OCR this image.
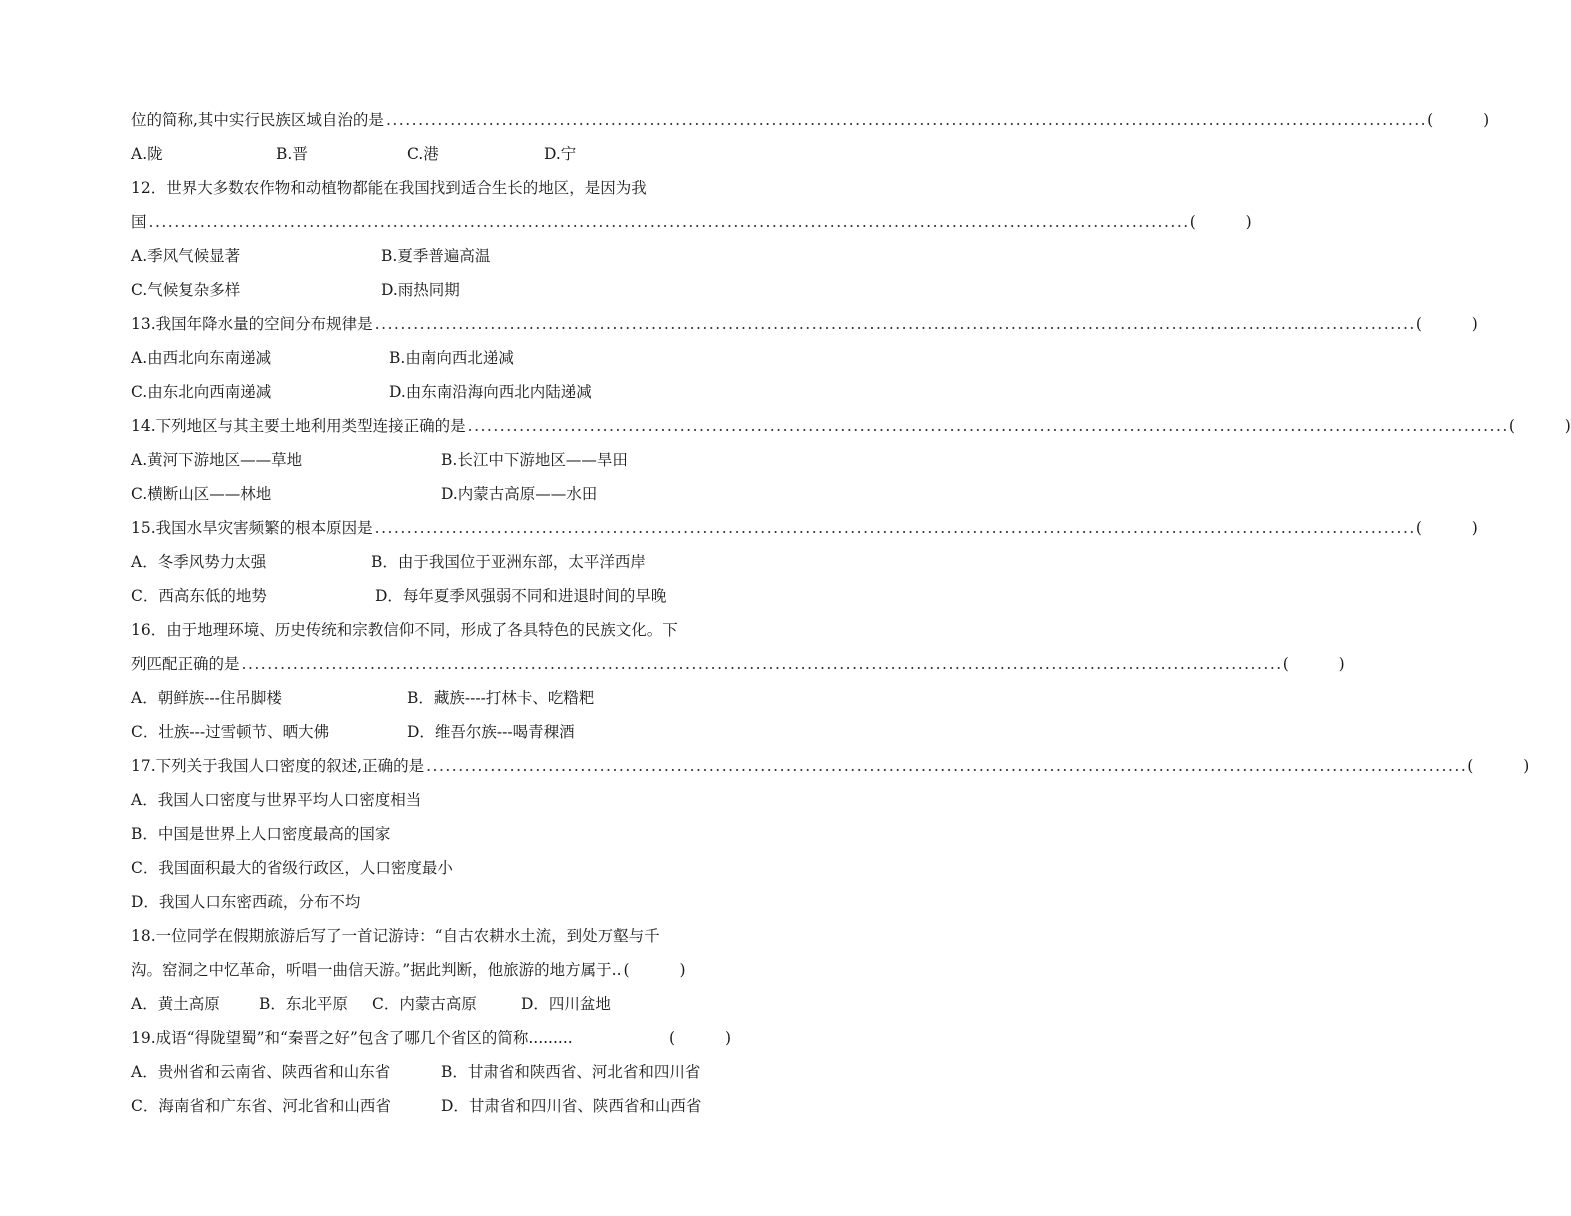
位的简称,其中实行民族区域自治的是 .................................................................................................................................................................. (	)
A.陇	B.晋	C.港	D.宁
12．世界大多数农作物和动植物都能在我国找到适合生长的地区，是因为我
国 .................................................................................................................................................................. (	)
A.季风气候显著	B.夏季普遍高温
C.气候复杂多样	D.雨热同期
13.我国年降水量的空间分布规律是 .................................................................................................................................................................. (	)
A.由西北向东南递减	B.由南向西北递减
C.由东北向西南递减	D.由东南沿海向西北内陆递减
14.下列地区与其主要土地利用类型连接正确的是 .................................................................................................................................................................. (	)
A.黄河下游地区——草地	B.长江中下游地区——旱田
C.横断山区——林地	D.内蒙古高原——水田
15.我国水旱灾害频繁的根本原因是 .................................................................................................................................................................. (	)
A．冬季风势力太强	B．由于我国位于亚洲东部，太平洋西岸
C．西高东低的地势	D．每年夏季风强弱不同和进退时间的早晚
16．由于地理环境、历史传统和宗教信仰不同，形成了各具特色的民族文化。下
列匹配正确的是 .................................................................................................................................................................. (	)
A．朝鲜族---住吊脚楼	B．藏族----打林卡、吃糌粑
C．壮族---过雪顿节、晒大佛	D．维吾尔族---喝青稞酒
17.下列关于我国人口密度的叙述,正确的是 .................................................................................................................................................................. (	)
A．我国人口密度与世界平均人口密度相当
B．中国是世界上人口密度最高的国家
C．我国面积最大的省级行政区，人口密度最小
D．我国人口东密西疏，分布不均
18.一位同学在假期旅游后写了一首记游诗：“自古农耕水土流，到处万壑与千
沟。窑洞之中忆革命，听唱一曲信天游。”据此判断，他旅游的地方属于.. (	)
A．黄土高原	B．东北平原 C．内蒙古高原	D．四川盆地
19.成语“得陇望蜀”和“秦晋之好”包含了哪几个省区的简称.........	(	)
A．贵州省和云南省、陕西省和山东省	B．甘肃省和陕西省、河北省和四川省
C．海南省和广东省、河北省和山西省	D．甘肃省和四川省、陕西省和山西省
